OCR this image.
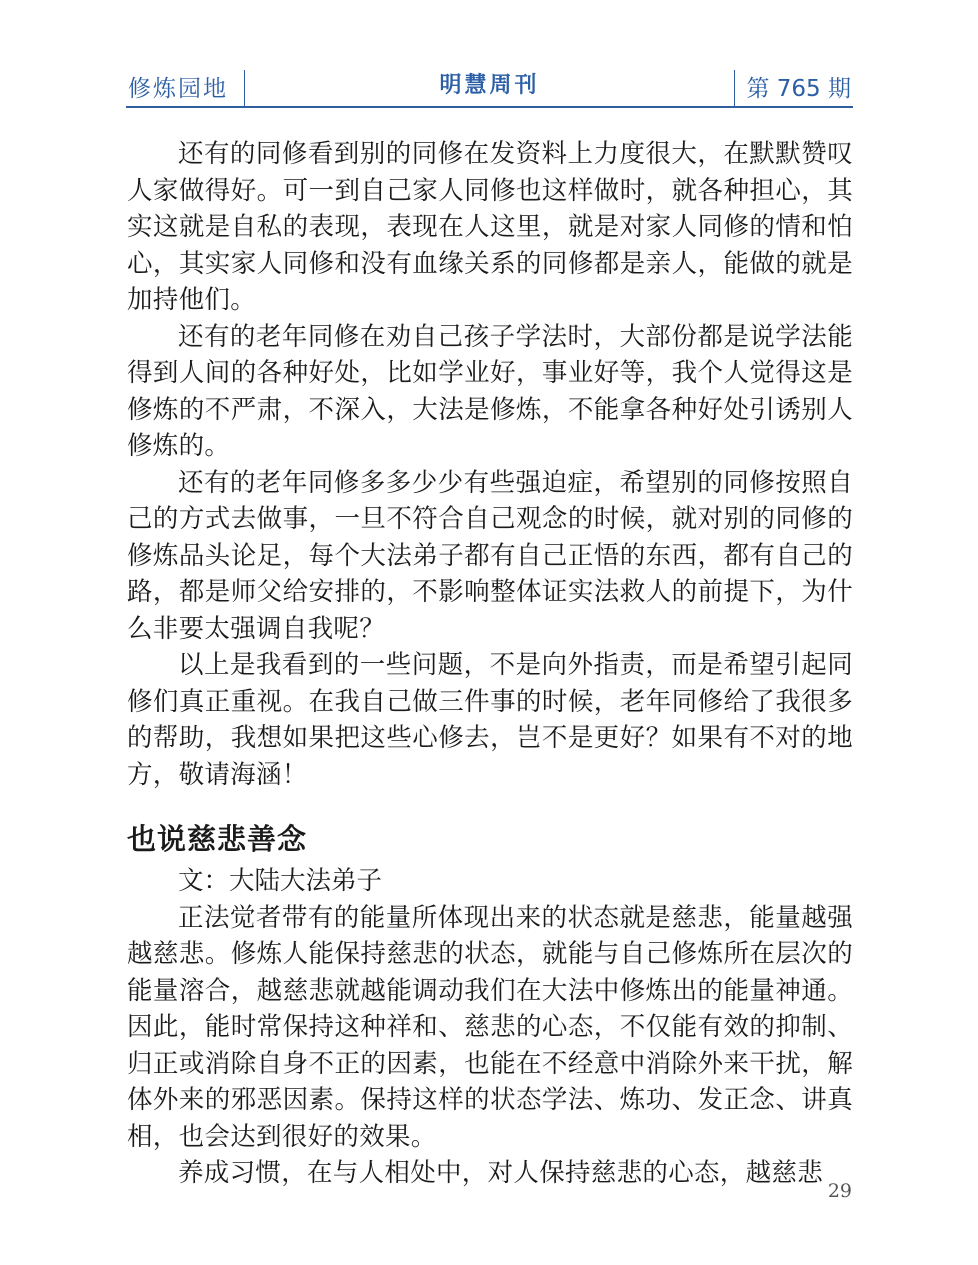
修炼园地	明慧周刊	第 765 期

还有的同修看到别的同修在发资料上力度很大，在默默赞叹人家做得好。可一到自己家人同修也这样做时，就各种担心，其实这就是自私的表现，表现在人这里，就是对家人同修的情和怕心，其实家人同修和没有血缘关系的同修都是亲人，能做的就是加持他们。

还有的老年同修在劝自己孩子学法时，大部份都是说学法能得到人间的各种好处，比如学业好，事业好等，我个人觉得这是修炼的不严肃，不深入，大法是修炼，不能拿各种好处引诱别人修炼的。

还有的老年同修多多少少有些强迫症，希望别的同修按照自己的方式去做事，一旦不符合自己观念的时候，就对别的同修的修炼品头论足，每个大法弟子都有自己正悟的东西，都有自己的路，都是师父给安排的，不影响整体证实法救人的前提下，为什么非要太强调自我呢？

以上是我看到的一些问题，不是向外指责，而是希望引起同修们真正重视。在我自己做三件事的时候，老年同修给了我很多的帮助，我想如果把这些心修去，岂不是更好？如果有不对的地方，敬请海涵！

也说慈悲善念

文：大陆大法弟子

正法觉者带有的能量所体现出来的状态就是慈悲，能量越强越慈悲。修炼人能保持慈悲的状态，就能与自己修炼所在层次的能量溶合，越慈悲就越能调动我们在大法中修炼出的能量神通。因此，能时常保持这种祥和、慈悲的心态，不仅能有效的抑制、归正或消除自身不正的因素，也能在不经意中消除外来干扰，解体外来的邪恶因素。保持这样的状态学法、炼功、发正念、讲真相，也会达到很好的效果。

养成习惯，在与人相处中，对人保持慈悲的心态，越慈悲

29
